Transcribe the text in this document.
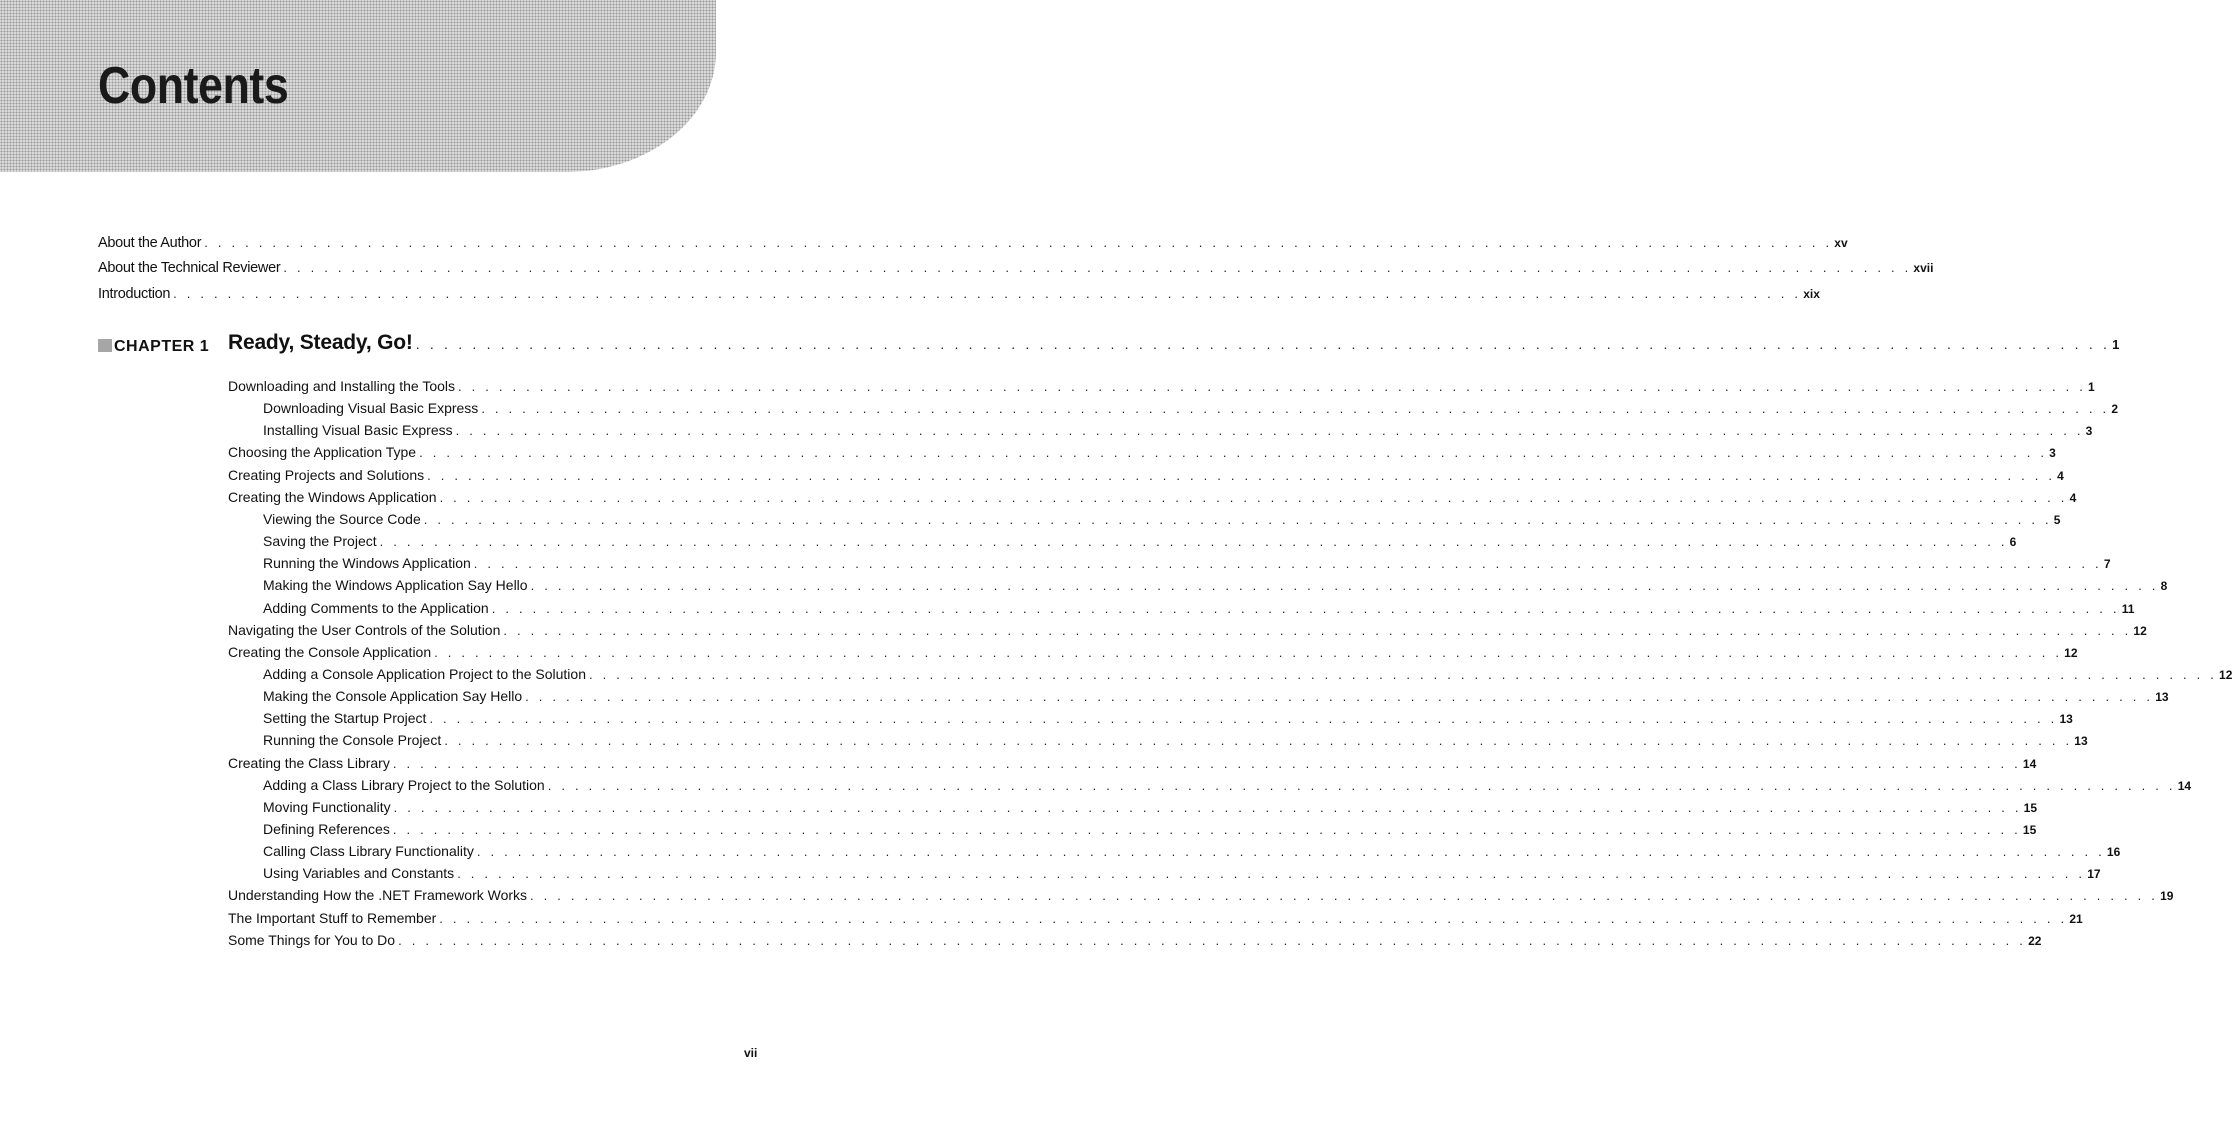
Contents
CHAPTER 1
About the Author . . . . . . . . . . . . . . . . . . . . . . . . . . . . . . . . . . . . . . . . . . . . . . . . . . . . . . . . . . . . . . . . . . . . . . . . . . . . . . . . . . . . . . . . . . . . . . . . . . . . . . . . . . . . . . . . . . . . . . . . xv
About the Technical Reviewer . . . . . . . . . . . . . . . . . . . . . . . . . . . . . . . . . . . . . . . . . . . . . . . . . . . . . . . . . . . . . . . . . . . . . . . . . . . . . . . . . . . . . . . . . . . . . . . . . . . . . . . . . . . . . . . . . . . . . . . . xvii
Introduction . . . . . . . . . . . . . . . . . . . . . . . . . . . . . . . . . . . . . . . . . . . . . . . . . . . . . . . . . . . . . . . . . . . . . . . . . . . . . . . . . . . . . . . . . . . . . . . . . . . . . . . . . . . . . . . . . . . . . . . . xix
Ready, Steady, Go! . . . . . . . . . . . . . . . . . . . . . . . . . . . . . . . . . . . . . . . . . . . . . . . . . . . . . . . . . . . . . . . . . . . . . . . . . . . . . . . . . . . . . . . . . . . . . . . . . . . . . . . . . . . . . . . . . . . . . . . . 1
Downloading and Installing the Tools . . . . . . . . . . . . . . . . . . . . . . . . . . . . . . . . . . . . . . . . . . . . . . . . . . . . . . . . . . . . . . . . . . . . . . . . . . . . . . . . . . . . . . . . . . . . . . . . . . . . . . . . . . . . . . . . . . . . . . . . 1
Downloading Visual Basic Express . . . . . . . . . . . . . . . . . . . . . . . . . . . . . . . . . . . . . . . . . . . . . . . . . . . . . . . . . . . . . . . . . . . . . . . . . . . . . . . . . . . . . . . . . . . . . . . . . . . . . . . . . . . . . . . . . . . . . . . . 2
Installing Visual Basic Express . . . . . . . . . . . . . . . . . . . . . . . . . . . . . . . . . . . . . . . . . . . . . . . . . . . . . . . . . . . . . . . . . . . . . . . . . . . . . . . . . . . . . . . . . . . . . . . . . . . . . . . . . . . . . . . . . . . . . . . . 3
Choosing the Application Type . . . . . . . . . . . . . . . . . . . . . . . . . . . . . . . . . . . . . . . . . . . . . . . . . . . . . . . . . . . . . . . . . . . . . . . . . . . . . . . . . . . . . . . . . . . . . . . . . . . . . . . . . . . . . . . . . . . . . . . . 3
Creating Projects and Solutions . . . . . . . . . . . . . . . . . . . . . . . . . . . . . . . . . . . . . . . . . . . . . . . . . . . . . . . . . . . . . . . . . . . . . . . . . . . . . . . . . . . . . . . . . . . . . . . . . . . . . . . . . . . . . . . . . . . . . . . . 4
Creating the Windows Application . . . . . . . . . . . . . . . . . . . . . . . . . . . . . . . . . . . . . . . . . . . . . . . . . . . . . . . . . . . . . . . . . . . . . . . . . . . . . . . . . . . . . . . . . . . . . . . . . . . . . . . . . . . . . . . . . . . . . . . . 4
Viewing the Source Code . . . . . . . . . . . . . . . . . . . . . . . . . . . . . . . . . . . . . . . . . . . . . . . . . . . . . . . . . . . . . . . . . . . . . . . . . . . . . . . . . . . . . . . . . . . . . . . . . . . . . . . . . . . . . . . . . . . . . . . . 5
Saving the Project . . . . . . . . . . . . . . . . . . . . . . . . . . . . . . . . . . . . . . . . . . . . . . . . . . . . . . . . . . . . . . . . . . . . . . . . . . . . . . . . . . . . . . . . . . . . . . . . . . . . . . . . . . . . . . . . . . . . . . . . 6
Running the Windows Application . . . . . . . . . . . . . . . . . . . . . . . . . . . . . . . . . . . . . . . . . . . . . . . . . . . . . . . . . . . . . . . . . . . . . . . . . . . . . . . . . . . . . . . . . . . . . . . . . . . . . . . . . . . . . . . . . . . . . . . . 7
Making the Windows Application Say Hello . . . . . . . . . . . . . . . . . . . . . . . . . . . . . . . . . . . . . . . . . . . . . . . . . . . . . . . . . . . . . . . . . . . . . . . . . . . . . . . . . . . . . . . . . . . . . . . . . . . . . . . . . . . . . . . . . . . . . . . . 8
Adding Comments to the Application . . . . . . . . . . . . . . . . . . . . . . . . . . . . . . . . . . . . . . . . . . . . . . . . . . . . . . . . . . . . . . . . . . . . . . . . . . . . . . . . . . . . . . . . . . . . . . . . . . . . . . . . . . . . . . . . . . . . . . . . 11
Navigating the User Controls of the Solution . . . . . . . . . . . . . . . . . . . . . . . . . . . . . . . . . . . . . . . . . . . . . . . . . . . . . . . . . . . . . . . . . . . . . . . . . . . . . . . . . . . . . . . . . . . . . . . . . . . . . . . . . . . . . . . . . . . . . . . . 12
Creating the Console Application . . . . . . . . . . . . . . . . . . . . . . . . . . . . . . . . . . . . . . . . . . . . . . . . . . . . . . . . . . . . . . . . . . . . . . . . . . . . . . . . . . . . . . . . . . . . . . . . . . . . . . . . . . . . . . . . . . . . . . . . 12
Adding a Console Application Project to the Solution . . . . . . . . . . . . . . . . . . . . . . . . . . . . . . . . . . . . . . . . . . . . . . . . . . . . . . . . . . . . . . . . . . . . . . . . . . . . . . . . . . . . . . . . . . . . . . . . . . . . . . . . . . . . . . . . . . . . . . . . 12
Making the Console Application Say Hello . . . . . . . . . . . . . . . . . . . . . . . . . . . . . . . . . . . . . . . . . . . . . . . . . . . . . . . . . . . . . . . . . . . . . . . . . . . . . . . . . . . . . . . . . . . . . . . . . . . . . . . . . . . . . . . . . . . . . . . . 13
Setting the Startup Project . . . . . . . . . . . . . . . . . . . . . . . . . . . . . . . . . . . . . . . . . . . . . . . . . . . . . . . . . . . . . . . . . . . . . . . . . . . . . . . . . . . . . . . . . . . . . . . . . . . . . . . . . . . . . . . . . . . . . . . . 13
Running the Console Project . . . . . . . . . . . . . . . . . . . . . . . . . . . . . . . . . . . . . . . . . . . . . . . . . . . . . . . . . . . . . . . . . . . . . . . . . . . . . . . . . . . . . . . . . . . . . . . . . . . . . . . . . . . . . . . . . . . . . . . . 13
Creating the Class Library . . . . . . . . . . . . . . . . . . . . . . . . . . . . . . . . . . . . . . . . . . . . . . . . . . . . . . . . . . . . . . . . . . . . . . . . . . . . . . . . . . . . . . . . . . . . . . . . . . . . . . . . . . . . . . . . . . . . . . . . 14
Adding a Class Library Project to the Solution . . . . . . . . . . . . . . . . . . . . . . . . . . . . . . . . . . . . . . . . . . . . . . . . . . . . . . . . . . . . . . . . . . . . . . . . . . . . . . . . . . . . . . . . . . . . . . . . . . . . . . . . . . . . . . . . . . . . . . . . 14
Moving Functionality . . . . . . . . . . . . . . . . . . . . . . . . . . . . . . . . . . . . . . . . . . . . . . . . . . . . . . . . . . . . . . . . . . . . . . . . . . . . . . . . . . . . . . . . . . . . . . . . . . . . . . . . . . . . . . . . . . . . . . . . 15
Defining References . . . . . . . . . . . . . . . . . . . . . . . . . . . . . . . . . . . . . . . . . . . . . . . . . . . . . . . . . . . . . . . . . . . . . . . . . . . . . . . . . . . . . . . . . . . . . . . . . . . . . . . . . . . . . . . . . . . . . . . . 15
Calling Class Library Functionality . . . . . . . . . . . . . . . . . . . . . . . . . . . . . . . . . . . . . . . . . . . . . . . . . . . . . . . . . . . . . . . . . . . . . . . . . . . . . . . . . . . . . . . . . . . . . . . . . . . . . . . . . . . . . . . . . . . . . . . . 16
Using Variables and Constants . . . . . . . . . . . . . . . . . . . . . . . . . . . . . . . . . . . . . . . . . . . . . . . . . . . . . . . . . . . . . . . . . . . . . . . . . . . . . . . . . . . . . . . . . . . . . . . . . . . . . . . . . . . . . . . . . . . . . . . . 17
Understanding How the .NET Framework Works . . . . . . . . . . . . . . . . . . . . . . . . . . . . . . . . . . . . . . . . . . . . . . . . . . . . . . . . . . . . . . . . . . . . . . . . . . . . . . . . . . . . . . . . . . . . . . . . . . . . . . . . . . . . . . . . . . . . . . . . 19
The Important Stuff to Remember . . . . . . . . . . . . . . . . . . . . . . . . . . . . . . . . . . . . . . . . . . . . . . . . . . . . . . . . . . . . . . . . . . . . . . . . . . . . . . . . . . . . . . . . . . . . . . . . . . . . . . . . . . . . . . . . . . . . . . . . 21
Some Things for You to Do . . . . . . . . . . . . . . . . . . . . . . . . . . . . . . . . . . . . . . . . . . . . . . . . . . . . . . . . . . . . . . . . . . . . . . . . . . . . . . . . . . . . . . . . . . . . . . . . . . . . . . . . . . . . . . . . . . . . . . . . 22
vii
